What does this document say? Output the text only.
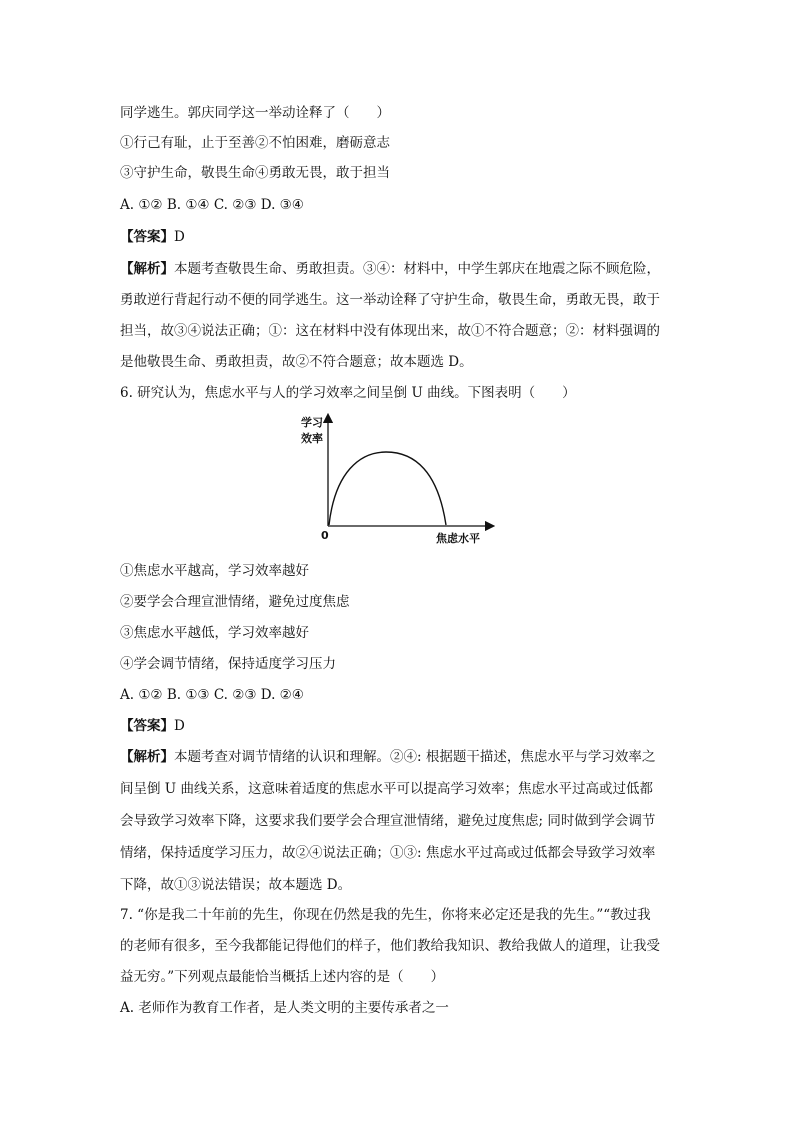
同学逃生。郭庆同学这一举动诠释了（　　）
①行己有耻，止于至善②不怕困难，磨砺意志
③守护生命，敬畏生命④勇敢无畏，敢于担当
A. ①② B. ①④ C. ②③ D. ③④
【答案】D
【解析】本题考查敬畏生命、勇敢担责。③④：材料中，中学生郭庆在地震之际不顾危险，
勇敢逆行背起行动不便的同学逃生。这一举动诠释了守护生命，敬畏生命，勇敢无畏，敢于
担当，故③④说法正确；①：这在材料中没有体现出来，故①不符合题意；②：材料强调的
是他敬畏生命、勇敢担责，故②不符合题意；故本题选 D。
6. 研究认为，焦虑水平与人的学习效率之间呈倒 U 曲线。下图表明（　　）
学习
效率
0	焦虑水平
①焦虑水平越高，学习效率越好
②要学会合理宣泄情绪，避免过度焦虑
③焦虑水平越低，学习效率越好
④学会调节情绪，保持适度学习压力
A. ①② B. ①③ C. ②③ D. ②④
【答案】D
【解析】本题考查对调节情绪的认识和理解。②④: 根据题干描述，焦虑水平与学习效率之
间呈倒 U 曲线关系，这意味着适度的焦虑水平可以提高学习效率；焦虑水平过高或过低都
会导致学习效率下降，这要求我们要学会合理宣泄情绪，避免过度焦虑; 同时做到学会调节
情绪，保持适度学习压力，故②④说法正确；①③: 焦虑水平过高或过低都会导致学习效率
下降，故①③说法错误；故本题选 D。
7. “你是我二十年前的先生，你现在仍然是我的先生，你将来必定还是我的先生。”“教过我
的老师有很多，至今我都能记得他们的样子，他们教给我知识、教给我做人的道理，让我受
益无穷。”下列观点最能恰当概括上述内容的是（　　）
A. 老师作为教育工作者，是人类文明的主要传承者之一
